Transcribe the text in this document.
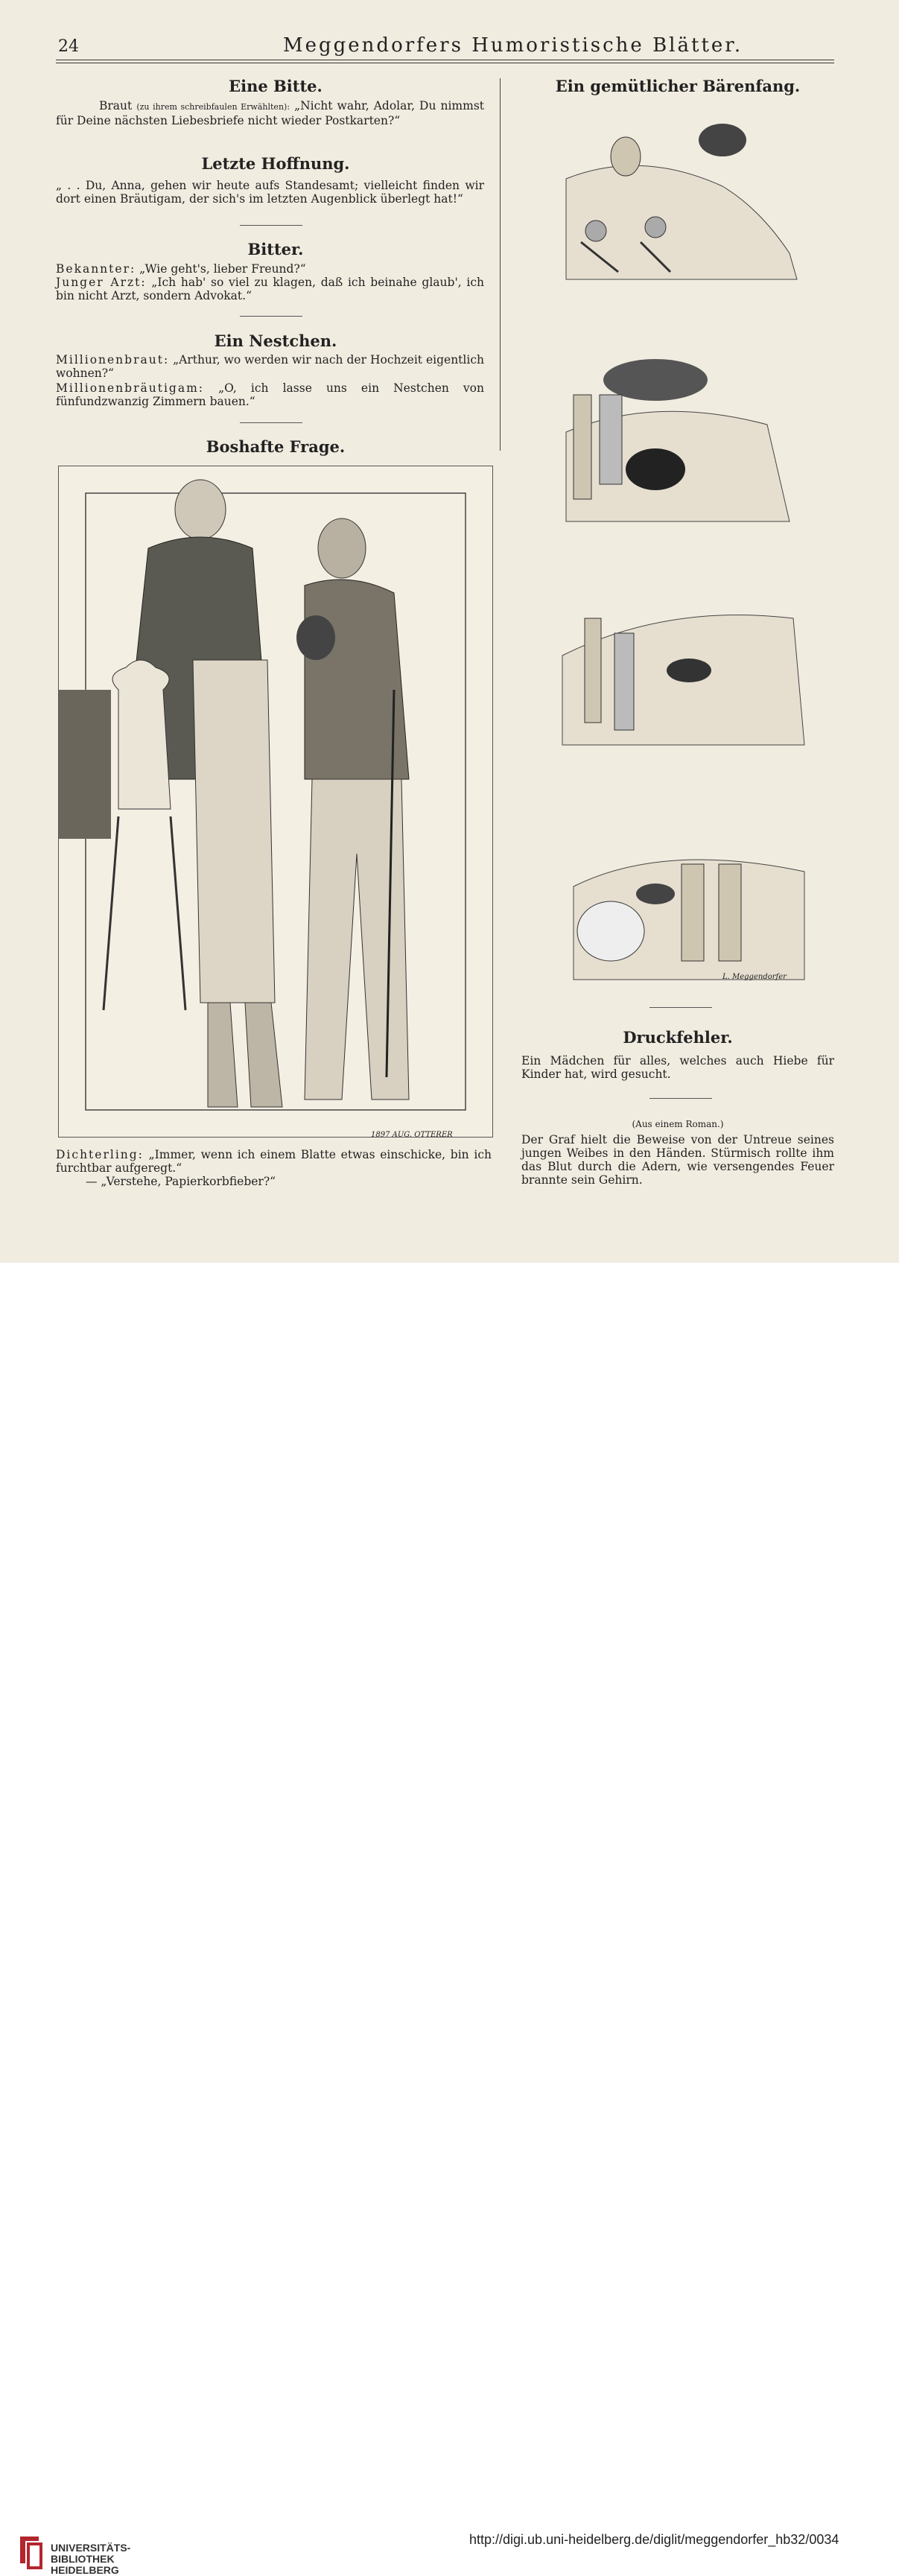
24	Meggendorfers Humoristische Blätter.
Eine Bitte.
Braut (zu ihrem schreibfaulen Erwählten): „Nicht wahr, Adolar, Du nimmst für Deine nächsten Liebesbriefe nicht wieder Postkarten?“
Letzte Hoffnung.
„ . . Du, Anna, gehen wir heute aufs Standesamt; vielleicht finden wir dort einen Bräutigam, der sich's im letzten Augenblick überlegt hat!“
Bitter.
Bekannter: „Wie geht's, lieber Freund?“
Junger Arzt: „Ich hab' so viel zu klagen, daß ich beinahe glaub', ich bin nicht Arzt, sondern Advokat.“
Ein Nestchen.
Millionenbraut: „Arthur, wo werden wir nach der Hochzeit eigentlich wohnen?“
Millionenbräutigam: „O, ich lasse uns ein Nestchen von fünfundzwanzig Zimmern bauen.“
Boshafte Frage.
1897 AUG. OTTERER
Dichterling: „Immer, wenn ich einem Blatte etwas einschicke, bin ich furchtbar aufgeregt.“
— „Verstehe, Papierkorbfieber?“
Ein gemütlicher Bärenfang.
L. Meggendorfer
Druckfehler.
Ein Mädchen für alles, welches auch Hiebe für Kinder hat, wird gesucht.
(Aus einem Roman.)
Der Graf hielt die Beweise von der Untreue seines jungen Weibes in den Händen. Stürmisch rollte ihm das Blut durch die Adern, wie versengendes Feuer brannte sein Gehirn.
UNIVERSITÄTS-
BIBLIOTHEK
HEIDELBERG
http://digi.ub.uni-heidelberg.de/diglit/meggendorfer_hb32/0034
